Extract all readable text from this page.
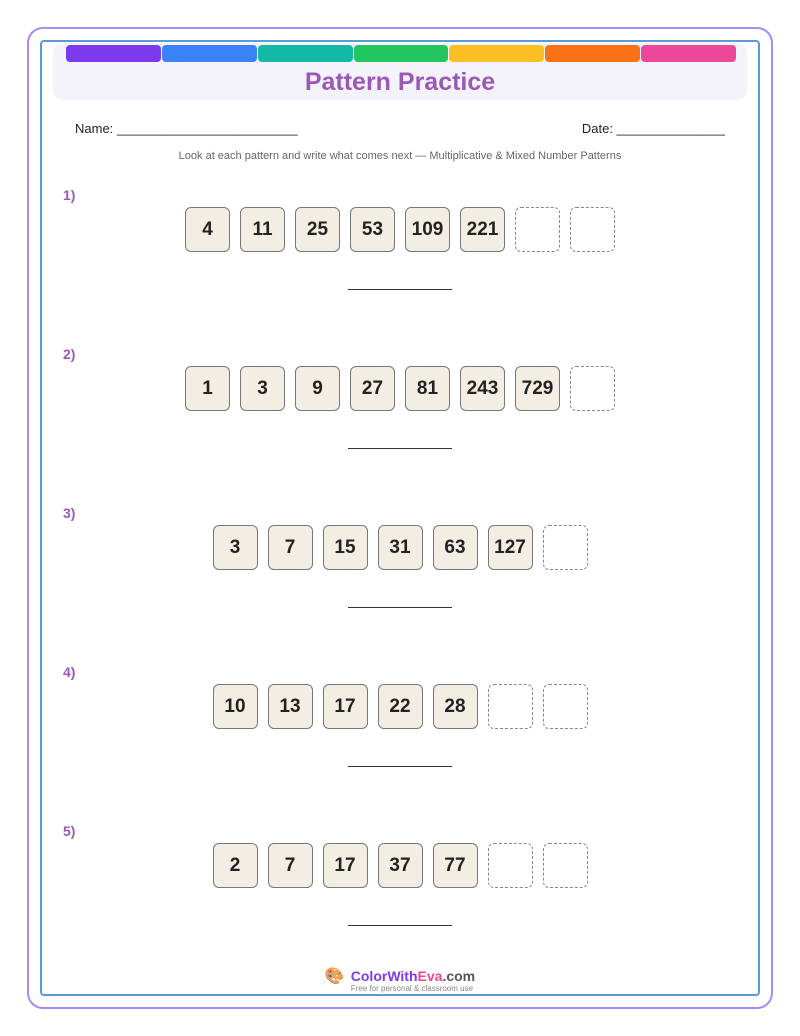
Pattern Practice
Name: _________________________	Date: _______________
Look at each pattern and write what comes next — Multiplicative & Mixed Number Patterns
1)
4	11	25	53	109	221
2)
1	3	9	27	81	243	729
3)
3	7	15	31	63	127
4)
10	13	17	22	28
5)
2	7	17	37	77
🎨 ColorWithEva.com
Free for personal & classroom use
